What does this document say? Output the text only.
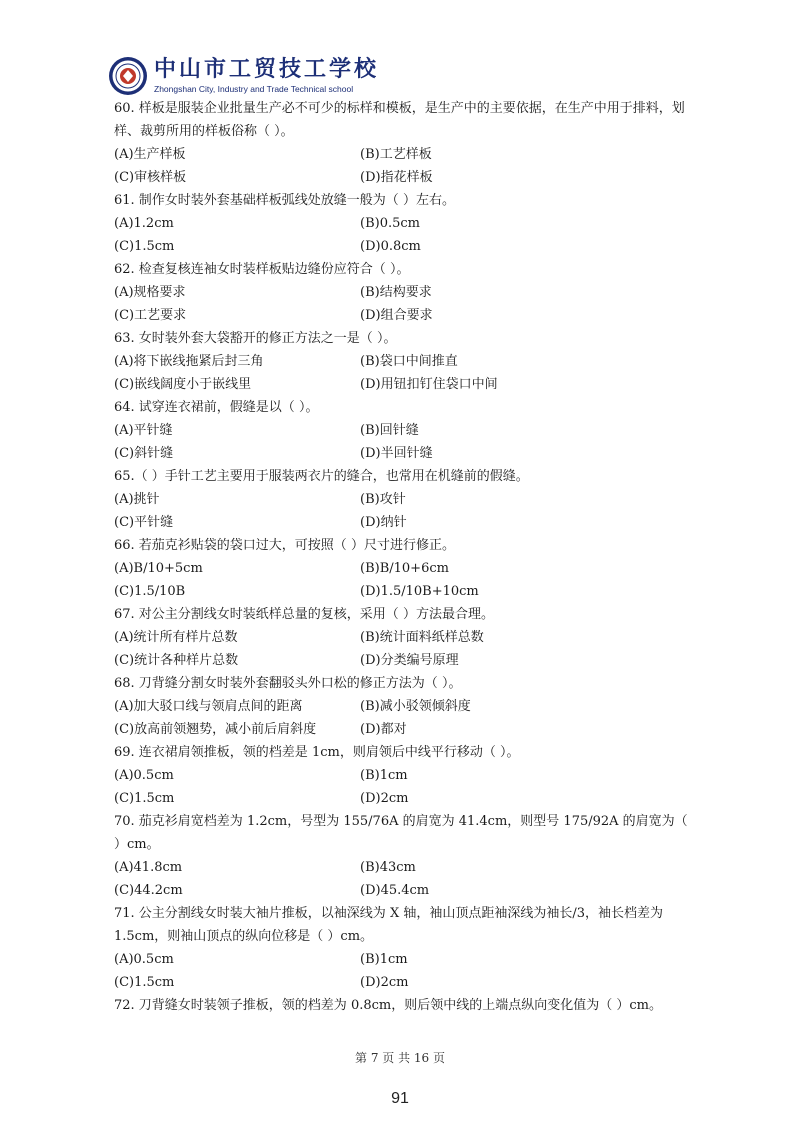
中山市工贸技工学校
Zhongshan City, Industry and Trade Technical school
60. 样板是服装企业批量生产必不可少的标样和模板，是生产中的主要依据，在生产中用于排料，划样、裁剪所用的样板俗称（ ）。
(A)生产样板	(B)工艺样板
(C)审核样板	(D)指花样板
61. 制作女时装外套基础样板弧线处放缝一般为（ ）左右。
(A)1.2cm	(B)0.5cm
(C)1.5cm	(D)0.8cm
62. 检查复核连袖女时装样板贴边缝份应符合（ ）。
(A)规格要求	(B)结构要求
(C)工艺要求	(D)组合要求
63. 女时装外套大袋豁开的修正方法之一是（ ）。
(A)将下嵌线拖紧后封三角	(B)袋口中间推直
(C)嵌线阔度小于嵌线里	(D)用钮扣钉住袋口中间
64. 试穿连衣裙前，假缝是以（ ）。
(A)平针缝	(B)回针缝
(C)斜针缝	(D)半回针缝
65.（ ）手针工艺主要用于服装两衣片的缝合，也常用在机缝前的假缝。
(A)挑针	(B)攻针
(C)平针缝	(D)纳针
66. 若茄克衫贴袋的袋口过大，可按照（ ）尺寸进行修正。
(A)B/10+5cm	(B)B/10+6cm
(C)1.5/10B	(D)1.5/10B+10cm
67. 对公主分割线女时装纸样总量的复核，采用（ ）方法最合理。
(A)统计所有样片总数	(B)统计面料纸样总数
(C)统计各种样片总数	(D)分类编号原理
68. 刀背缝分割女时装外套翻驳头外口松的修正方法为（ ）。
(A)加大驳口线与领肩点间的距离	(B)减小驳领倾斜度
(C)放高前领翘势，减小前后肩斜度	(D)都对
69. 连衣裙肩领推板，领的档差是 1cm，则肩领后中线平行移动（ ）。
(A)0.5cm	(B)1cm
(C)1.5cm	(D)2cm
70. 茄克衫肩宽档差为 1.2cm，号型为 155/76A 的肩宽为 41.4cm，则型号 175/92A 的肩宽为（ ）cm。
(A)41.8cm	(B)43cm
(C)44.2cm	(D)45.4cm
71. 公主分割线女时装大袖片推板，以袖深线为 X 轴，袖山顶点距袖深线为袖长/3，袖长档差为 1.5cm，则袖山顶点的纵向位移是（ ）cm。
(A)0.5cm	(B)1cm
(C)1.5cm	(D)2cm
72. 刀背缝女时装领子推板，领的档差为 0.8cm，则后领中线的上端点纵向变化值为（ ）cm。
第 7 页 共 16 页
91
